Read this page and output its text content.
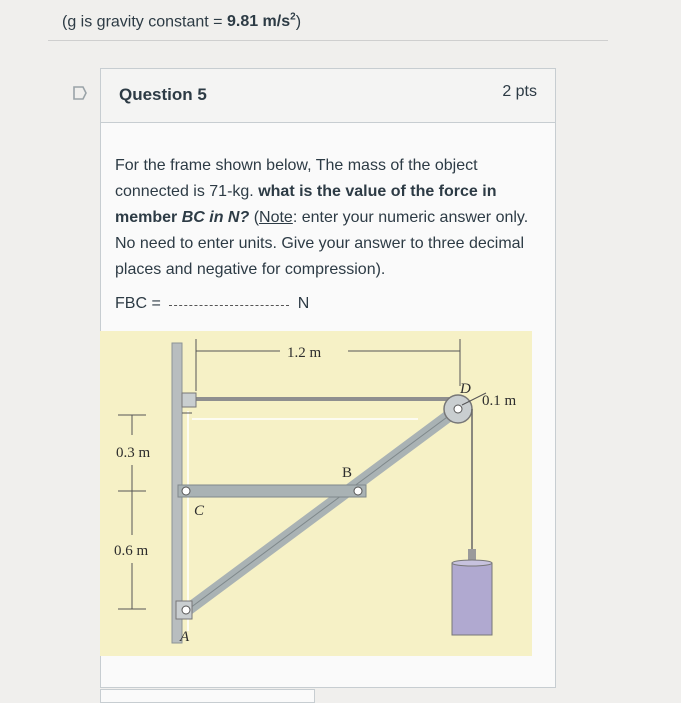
(g is gravity constant = 9.81 $m/s^2$)
Question 5	2 pts
For the frame shown below, The mass of the object connected is 71-kg. what is the value of the force in member BC in N? (Note: enter your numeric answer only. No need to enter units. Give your answer to three decimal places and negative for compression).
FBC =	N
1.2 m
B
C
A
D
0.1 m
0.3 m
0.6 m
